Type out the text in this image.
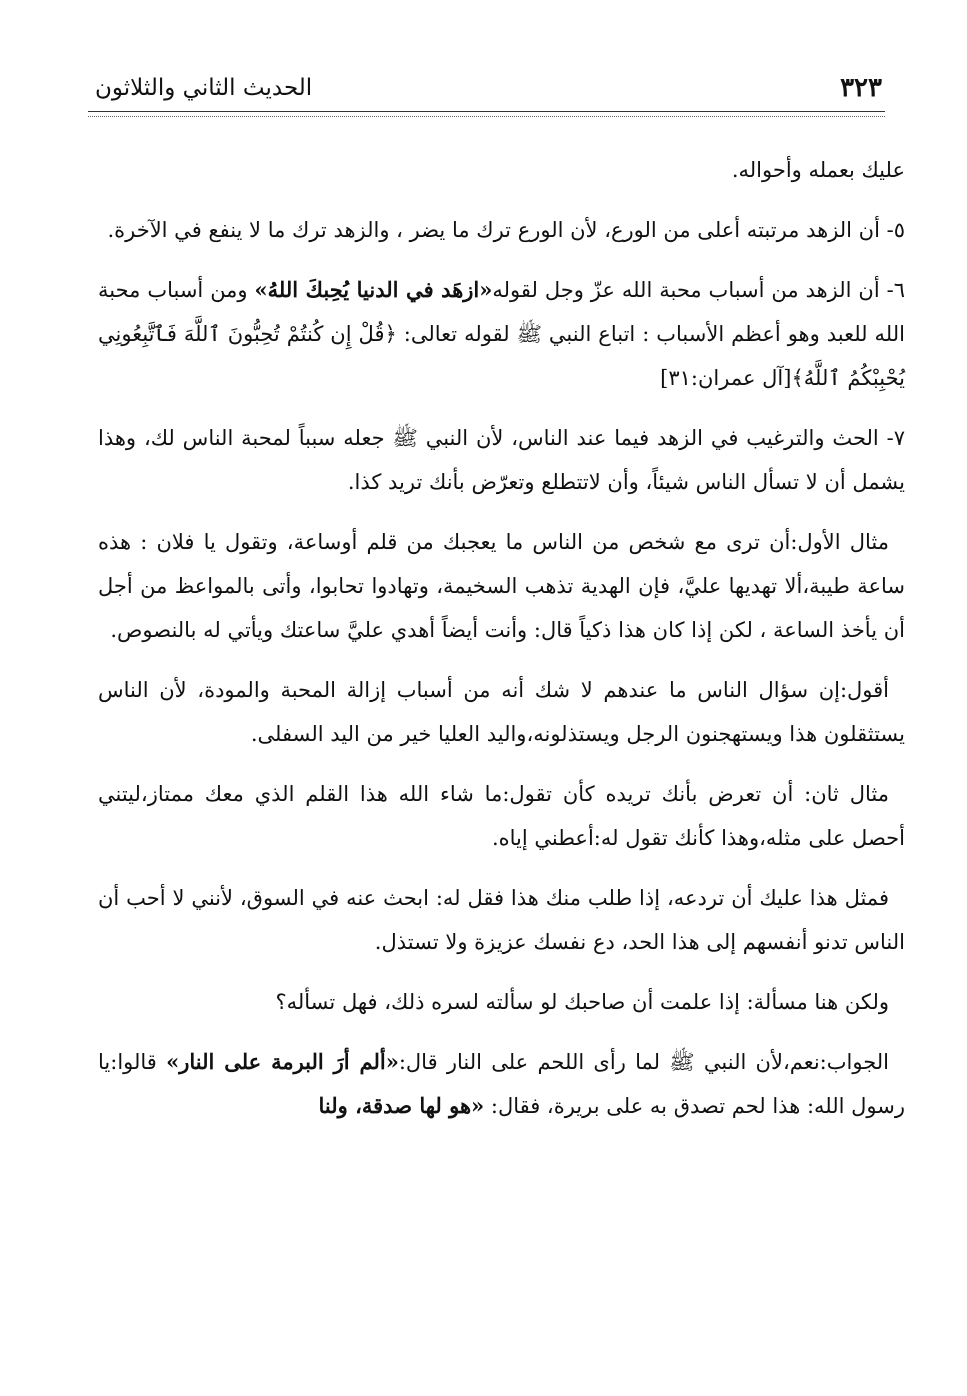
الحديث الثاني والثلاثون	٣٢٣

عليك بعمله وأحواله.

٥- أن الزهد مرتبته أعلى من الورع، لأن الورع ترك ما يضر ، والزهد ترك ما لا ينفع في الآخرة.

٦- أن الزهد من أسباب محبة الله عزّ وجل لقوله«ازهَد في الدنيا يُحِبكَ اللهُ» ومن أسباب محبة الله للعبد وهو أعظم الأسباب : اتباع النبي ﷺ لقوله تعالى: ﴿قُلْ إِن كُنتُمْ تُحِبُّونَ ٱللَّهَ فَٱتَّبِعُونِي يُحْبِبْكُمُ ٱللَّهُ﴾[آل عمران:٣١]

٧- الحث والترغيب في الزهد فيما عند الناس، لأن النبي ﷺ جعله سبباً لمحبة الناس لك، وهذا يشمل أن لا تسأل الناس شيئاً، وأن لاتتطلع وتعرّض بأنك تريد كذا.

مثال الأول:أن ترى مع شخص من الناس ما يعجبك من قلم أوساعة، وتقول يا فلان : هذه ساعة طيبة،ألا تهديها عليَّ، فإن الهدية تذهب السخيمة، وتهادوا تحابوا، وأتى بالمواعظ من أجل أن يأخذ الساعة ، لكن إذا كان هذا ذكياً قال: وأنت أيضاً أهدي عليَّ ساعتك ويأتي له بالنصوص.

أقول:إن سؤال الناس ما عندهم لا شك أنه من أسباب إزالة المحبة والمودة، لأن الناس يستثقلون هذا ويستهجنون الرجل ويستذلونه،واليد العليا خير من اليد السفلى.

مثال ثان: أن تعرض بأنك تريده كأن تقول:ما شاء الله هذا القلم الذي معك ممتاز،ليتني أحصل على مثله،وهذا كأنك تقول له:أعطني إياه.

فمثل هذا عليك أن تردعه، إذا طلب منك هذا فقل له: ابحث عنه في السوق، لأنني لا أحب أن الناس تدنو أنفسهم إلى هذا الحد، دع نفسك عزيزة ولا تستذل.

ولكن هنا مسألة: إذا علمت أن صاحبك لو سألته لسره ذلك، فهل تسأله؟

الجواب:نعم،لأن النبي ﷺ لما رأى اللحم على النار قال:«ألم أرَ البرمة على النار» قالوا:يا رسول الله: هذا لحم تصدق به على بريرة، فقال: «هو لها صدقة، ولنا
